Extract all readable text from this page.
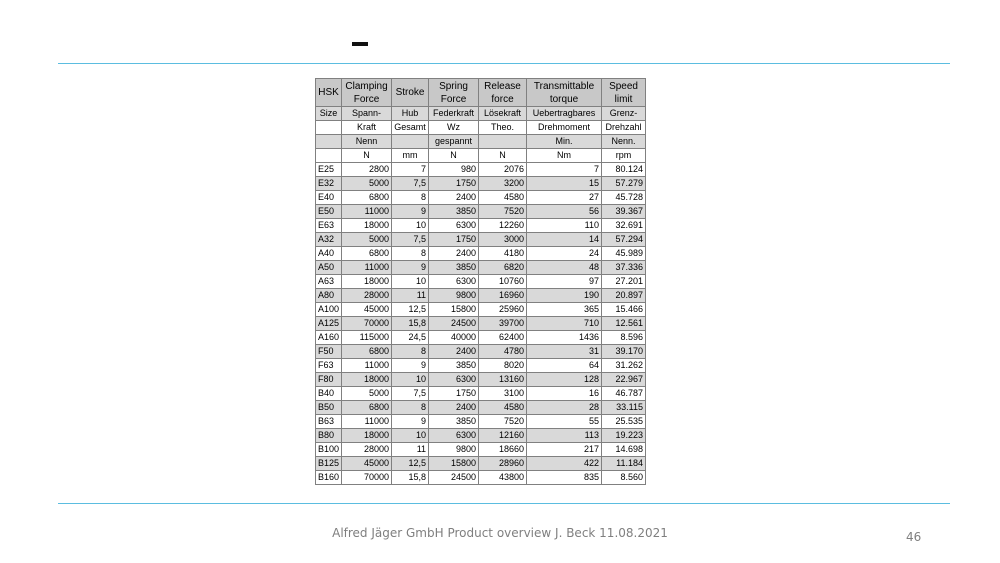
HSK	Clamping Force	Stroke	Spring Force	Release force	Transmittable torque	Speed limit
Size	Spann-	Hub	Federkraft	Lösekraft	Uebertragbares	Grenz-
	Kraft	Gesamt	Wz	Theo.	Drehmoment	Drehzahl
	Nenn		gespannt		Min.	Nenn.
	N	mm	N	N	Nm	rpm
E25	2800	7	980	2076	7	80.124
E32	5000	7,5	1750	3200	15	57.279
E40	6800	8	2400	4580	27	45.728
E50	11000	9	3850	7520	56	39.367
E63	18000	10	6300	12260	110	32.691
A32	5000	7,5	1750	3000	14	57.294
A40	6800	8	2400	4180	24	45.989
A50	11000	9	3850	6820	48	37.336
A63	18000	10	6300	10760	97	27.201
A80	28000	11	9800	16960	190	20.897
A100	45000	12,5	15800	25960	365	15.466
A125	70000	15,8	24500	39700	710	12.561
A160	115000	24,5	40000	62400	1436	8.596
F50	6800	8	2400	4780	31	39.170
F63	11000	9	3850	8020	64	31.262
F80	18000	10	6300	13160	128	22.967
B40	5000	7,5	1750	3100	16	46.787
B50	6800	8	2400	4580	28	33.115
B63	11000	9	3850	7520	55	25.535
B80	18000	10	6300	12160	113	19.223
B100	28000	11	9800	18660	217	14.698
B125	45000	12,5	15800	28960	422	11.184
B160	70000	15,8	24500	43800	835	8.560
Alfred Jäger GmbH Product overview J. Beck 11.08.2021	46
